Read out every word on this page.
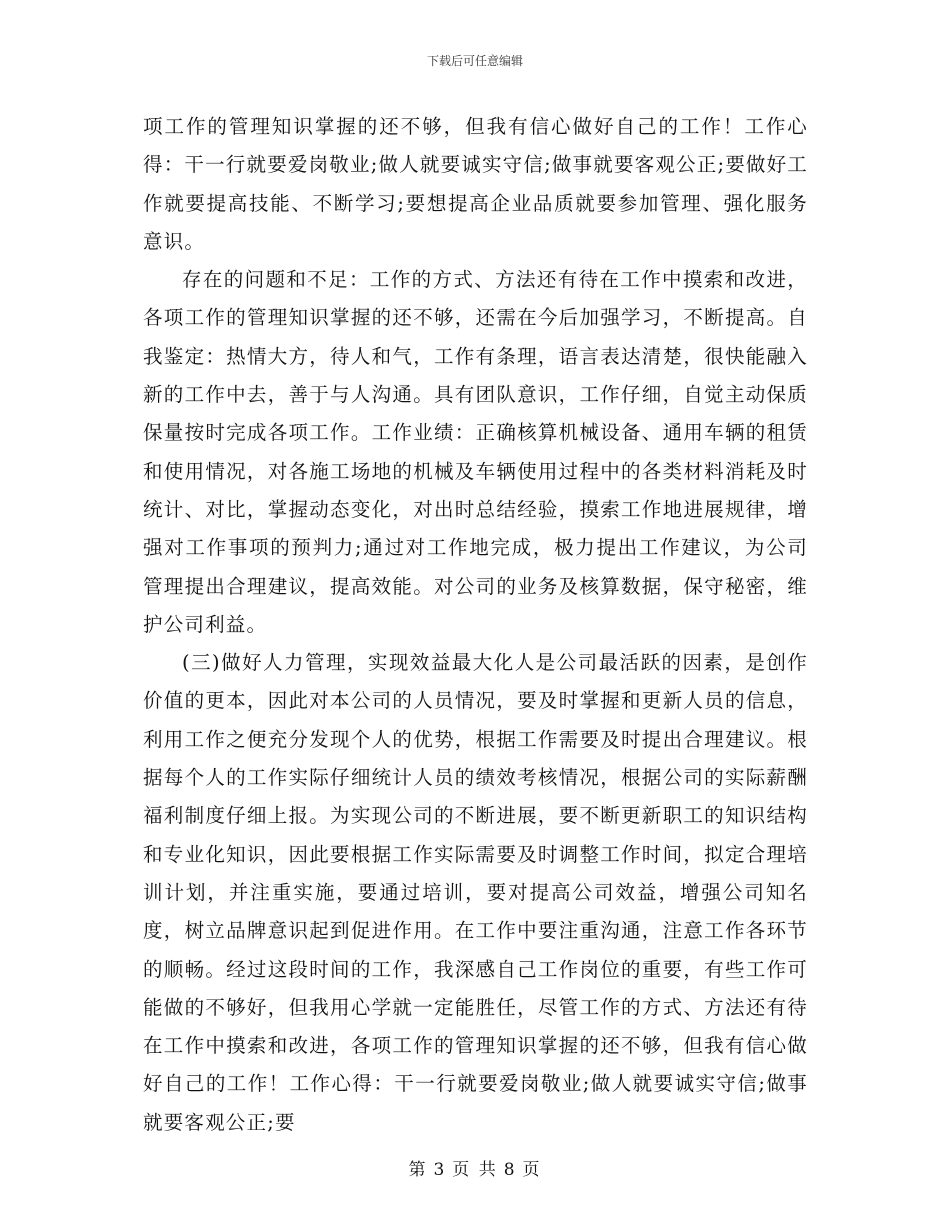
下载后可任意编辑

项工作的管理知识掌握的还不够，但我有信心做好自己的工作！工作心得：干一行就要爱岗敬业;做人就要诚实守信;做事就要客观公正;要做好工作就要提高技能、不断学习;要想提高企业品质就要参加管理、强化服务意识。

存在的问题和不足：工作的方式、方法还有待在工作中摸索和改进，各项工作的管理知识掌握的还不够，还需在今后加强学习，不断提高。自我鉴定：热情大方，待人和气，工作有条理，语言表达清楚，很快能融入新的工作中去，善于与人沟通。具有团队意识，工作仔细，自觉主动保质保量按时完成各项工作。工作业绩：正确核算机械设备、通用车辆的租赁和使用情况，对各施工场地的机械及车辆使用过程中的各类材料消耗及时统计、对比，掌握动态变化，对出时总结经验，摸索工作地进展规律，增强对工作事项的预判力;通过对工作地完成，极力提出工作建议，为公司管理提出合理建议，提高效能。对公司的业务及核算数据，保守秘密，维护公司利益。

(三)做好人力管理，实现效益最大化人是公司最活跃的因素，是创作价值的更本，因此对本公司的人员情况，要及时掌握和更新人员的信息，利用工作之便充分发现个人的优势，根据工作需要及时提出合理建议。根据每个人的工作实际仔细统计人员的绩效考核情况，根据公司的实际薪酬福利制度仔细上报。为实现公司的不断进展，要不断更新职工的知识结构和专业化知识，因此要根据工作实际需要及时调整工作时间，拟定合理培训计划，并注重实施，要通过培训，要对提高公司效益，增强公司知名度，树立品牌意识起到促进作用。在工作中要注重沟通，注意工作各环节的顺畅。经过这段时间的工作，我深感自己工作岗位的重要，有些工作可能做的不够好，但我用心学就一定能胜任，尽管工作的方式、方法还有待在工作中摸索和改进，各项工作的管理知识掌握的还不够，但我有信心做好自己的工作！工作心得：干一行就要爱岗敬业;做人就要诚实守信;做事就要客观公正;要

第 3 页 共 8 页
